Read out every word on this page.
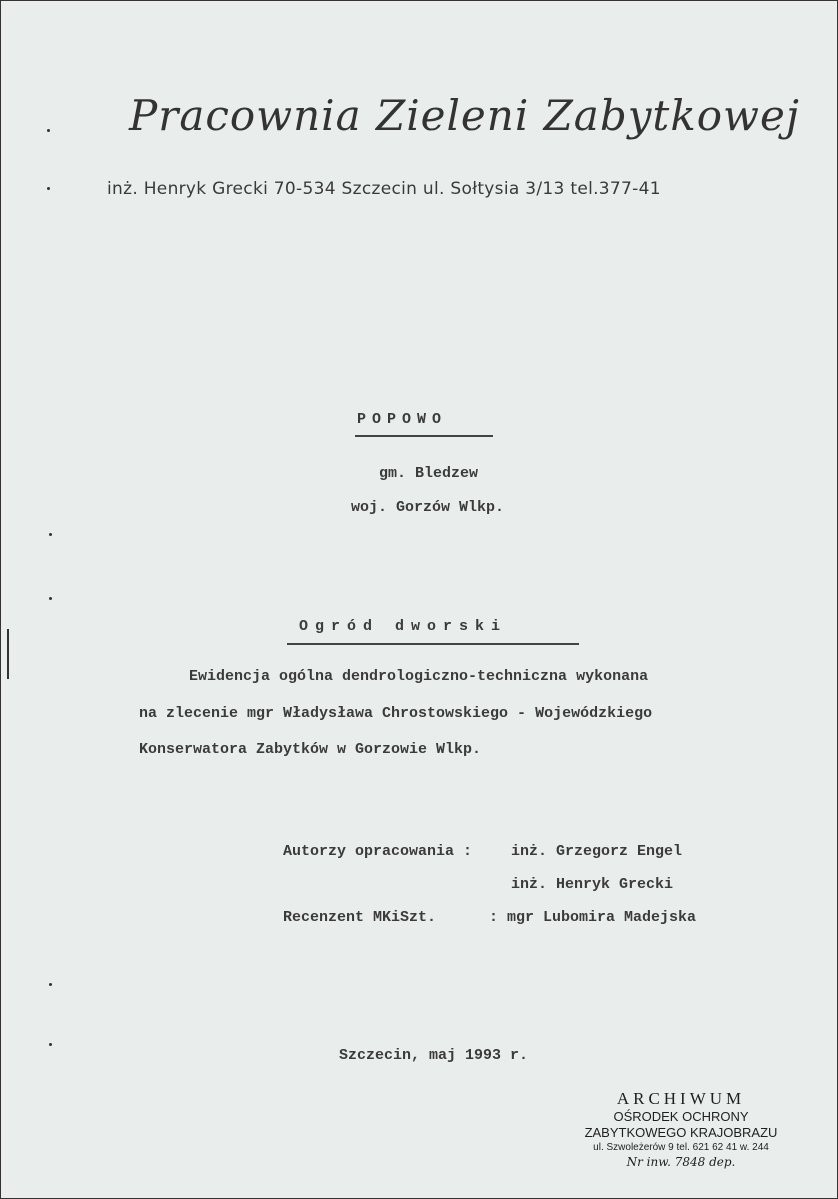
Pracownia Zieleni Zabytkowej
inż. Henryk Grecki 70-534 Szczecin ul. Sołtysia 3/13 tel.377-41
POPOWO
gm. Bledzew
woj. Gorzów Wlkp.
Ogród dworski
Ewidencja ogólna dendrologiczno-techniczna wykonana
na zlecenie mgr Władysława Chrostowskiego - Wojewódzkiego
Konserwatora Zabytków w Gorzowie Wlkp.
Autorzy opracowania :	inż. Grzegorz Engel
inż. Henryk Grecki
Recenzent MKiSzt.	: mgr Lubomira Madejska
Szczecin, maj 1993 r.
ARCHIWUM
OŚRODEK OCHRONY
ZABYTKOWEGO KRAJOBRAZU
ul. Szwoleżerów 9 tel. 621 62 41 w. 244
Nr inw. 7848 dep.
